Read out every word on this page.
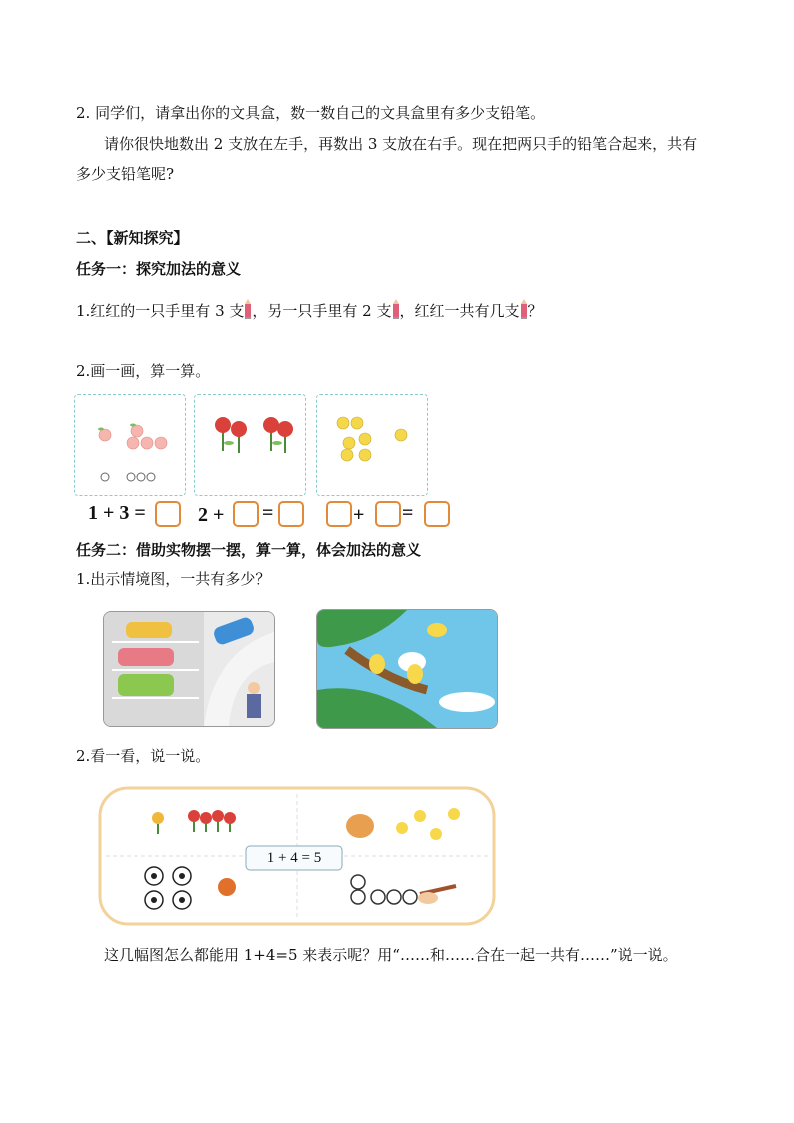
2. 同学们，请拿出你的文具盒，数一数自己的文具盒里有多少支铅笔。
请你很快地数出 2 支放在左手，再数出 3 支放在右手。现在把两只手的铅笔合起来，共有
多少支铅笔呢?
二、【新知探究】
任务一：探究加法的意义
1.红红的一只手里有 3 支 ，另一只手里有 2 支 ，红红一共有几支 ？
2.画一画，算一算。
1 + 3 =	2 + =	+ =
任务二：借助实物摆一摆，算一算，体会加法的意义
1.出示情境图，一共有多少？
2.看一看，说一说。
1 + 4 = 5
这几幅图怎么都能用 1+4=5 来表示呢？用“……和……合在一起一共有……”说一说。
